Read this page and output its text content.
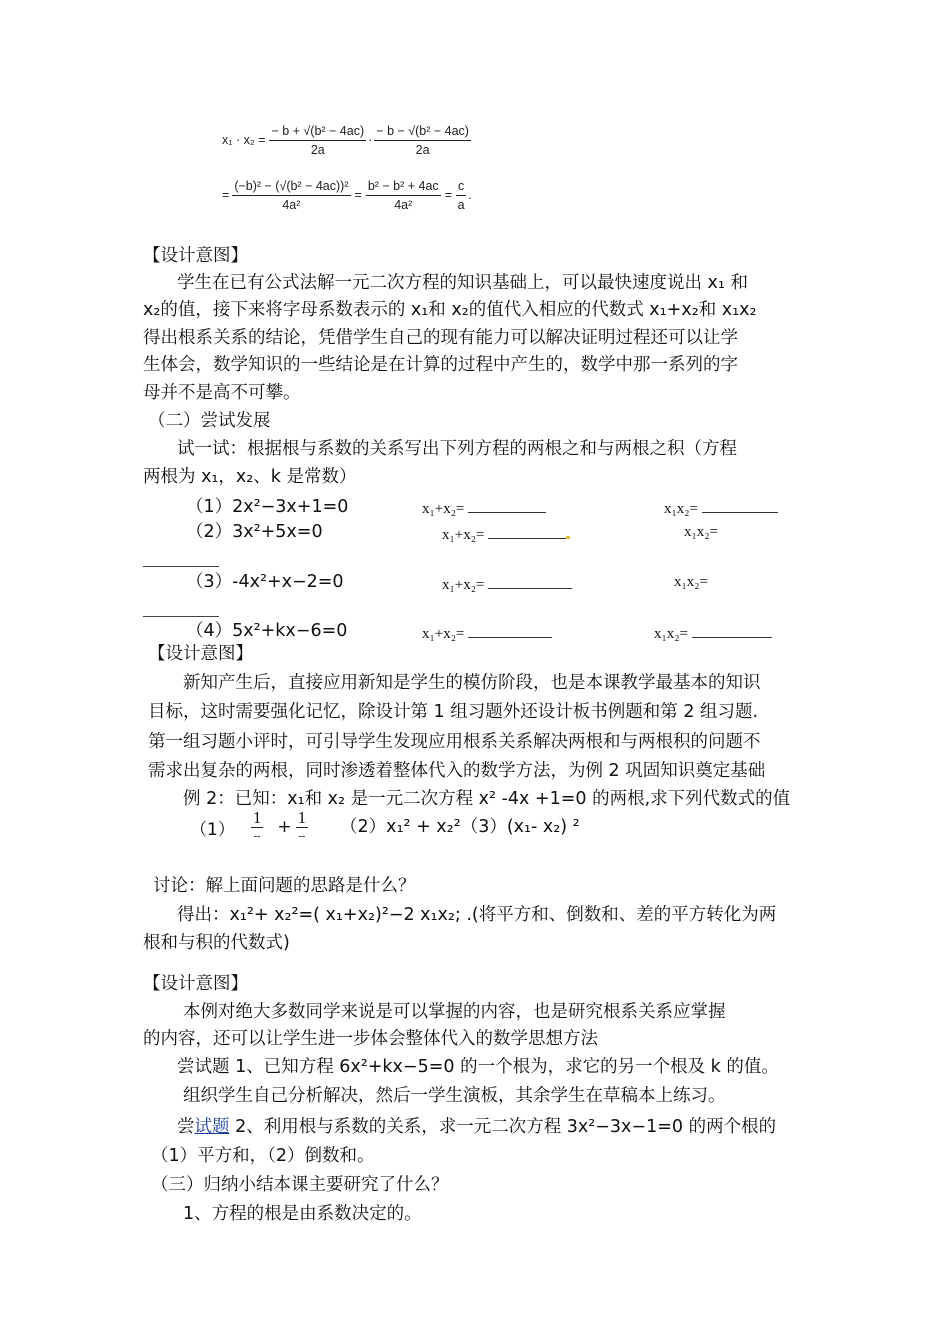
$x_1 \cdot x_2 = \frac{\text{− b + √(b² − 4ac)}}{2a} \cdot \frac{\text{− b − √(b² − 4ac)}}{2a}$
= $\frac{\text{(−b)² − (√(b² − 4ac))²}}{\text{4a²}} = \frac{\text{b² − b² + 4ac}}{\text{4a²}} = \frac{c}{a}$ .
【设计意图】
学生在已有公式法解一元二次方程的知识基础上，可以最快速度说出 x₁ 和
x₂的值，接下来将字母系数表示的 x₁和 x₂的值代入相应的代数式 x₁+x₂和 x₁x₂
得出根系关系的结论，凭借学生自己的现有能力可以解决证明过程还可以让学
生体会，数学知识的一些结论是在计算的过程中产生的，数学中那一系列的字
母并不是高不可攀。
（二）尝试发展
试一试：根据根与系数的关系写出下列方程的两根之和与两根之积（方程
两根为 x₁，x₂、k 是常数）
（1）2x²−3x+1=0	x₁+x₂=	x₁x₂=
（2）3x²+5x=0	x₁+x₂=	x₁x₂=
（3）-4x²+x−2=0	x₁+x₂=	x₁x₂=
（4）5x²+kx−6=0	x₁+x₂=	x₁x₂=
【设计意图】
新知产生后，直接应用新知是学生的模仿阶段，也是本课教学最基本的知识
目标，这时需要强化记忆，除设计第 1 组习题外还设计板书例题和第 2 组习题.
第一组习题小评时，可引导学生发现应用根系关系解决两根和与两根积的问题不
需求出复杂的两根，同时渗透着整体代入的数学方法，为例 2 巩固知识奠定基础
例 2：已知：x₁和 x₂ 是一元二次方程 x² -4x +1=0 的两根,求下列代数式的值
$(1) \frac{1}{--} + \frac{1}{--} (2)x_1^2 + x_2^2(3)(x_1-$ x₂) ²
讨论：解上面问题的思路是什么？
得出：x₁²+ x₂²=( x₁+x₂)²−2 x₁x₂; .(将平方和、倒数和、差的平方转化为两
根和与积的代数式)
【设计意图】
本例对绝大多数同学来说是可以掌握的内容，也是研究根系关系应掌握
的内容，还可以让学生进一步体会整体代入的数学思想方法
尝试题 1、已知方程 6x²+kx−5=0 的一个根为，求它的另一个根及 k 的值。
组织学生自己分析解决，然后一学生演板，其余学生在草稿本上练习。
尝试题 2、利用根与系数的关系，求一元二次方程 3x²−3x−1=0 的两个根的
（1）平方和，（2）倒数和。
（三）归纳小结本课主要研究了什么？
1、方程的根是由系数决定的。
